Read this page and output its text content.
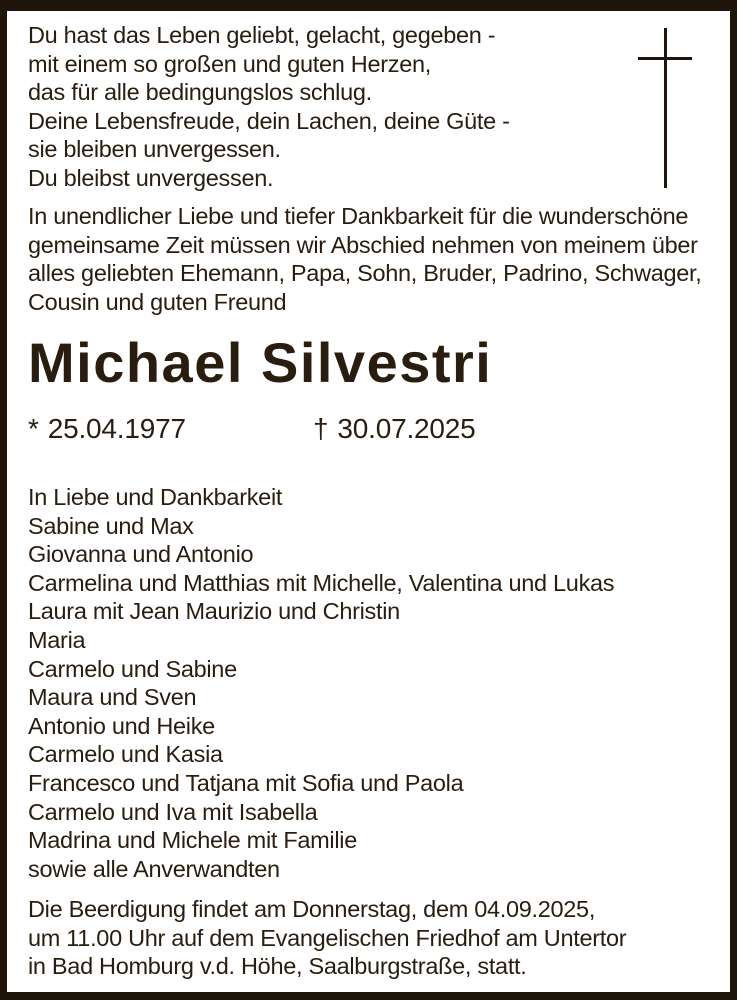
Du hast das Leben geliebt, gelacht, gegeben -
mit einem so großen und guten Herzen,
das für alle bedingungslos schlug.
Deine Lebensfreude, dein Lachen, deine Güte -
sie bleiben unvergessen.
Du bleibst unvergessen.
In unendlicher Liebe und tiefer Dankbarkeit für die wunderschöne
gemeinsame Zeit müssen wir Abschied nehmen von meinem über
alles geliebten Ehemann, Papa, Sohn, Bruder, Padrino, Schwager,
Cousin und guten Freund
Michael Silvestri
* 25.04.1977	† 30.07.2025
In Liebe und Dankbarkeit
Sabine und Max
Giovanna und Antonio
Carmelina und Matthias mit Michelle, Valentina und Lukas
Laura mit Jean Maurizio und Christin
Maria
Carmelo und Sabine
Maura und Sven
Antonio und Heike
Carmelo und Kasia
Francesco und Tatjana mit Sofia und Paola
Carmelo und Iva mit Isabella
Madrina und Michele mit Familie
sowie alle Anverwandten
Die Beerdigung findet am Donnerstag, dem 04.09.2025,
um 11.00 Uhr auf dem Evangelischen Friedhof am Untertor
in Bad Homburg v.d. Höhe, Saalburgstraße, statt.
